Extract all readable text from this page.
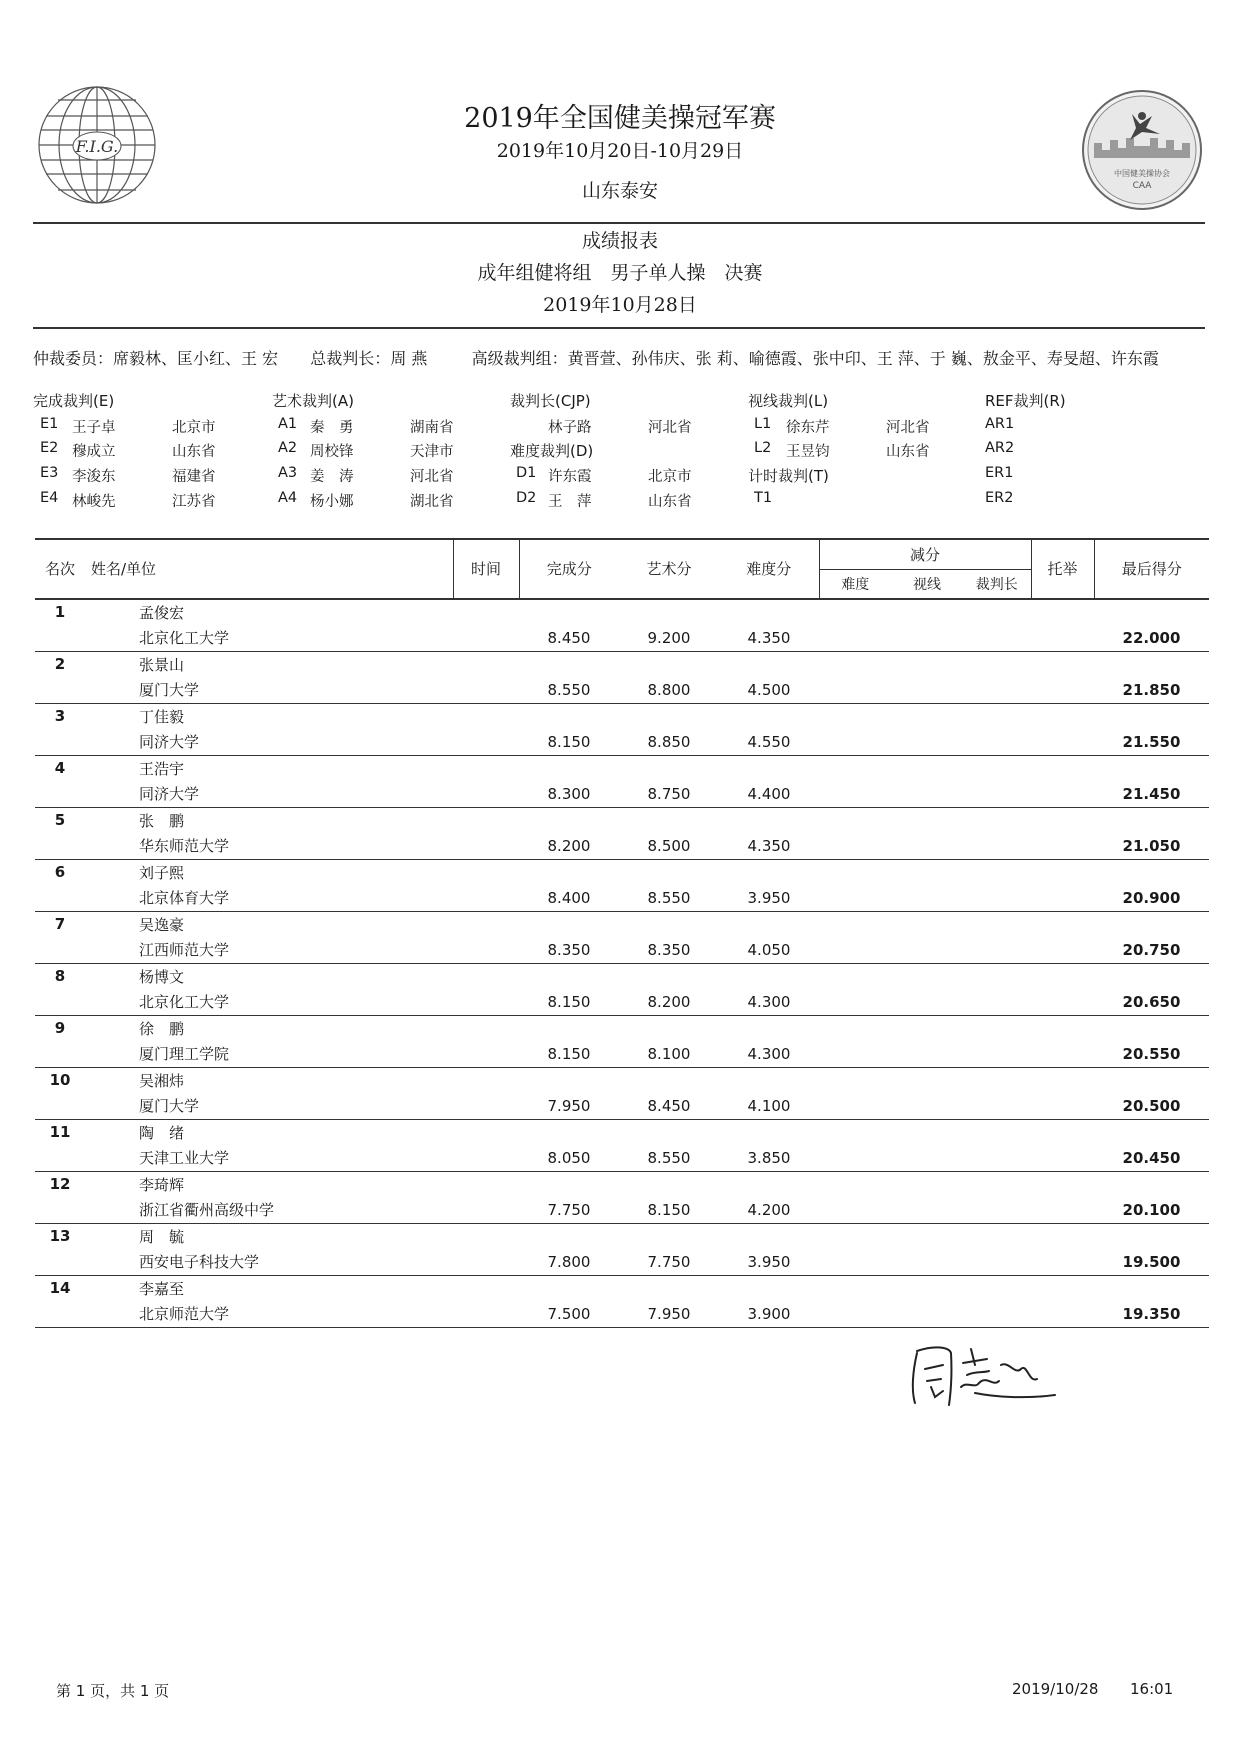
F.I.G.
中国健美操协会
CAA
2019年全国健美操冠军赛
2019年10月20日-10月29日
山东泰安
成绩报表
成年组健将组　男子单人操　决赛
2019年10月28日
仲裁委员：席毅林、匡小红、王 宏 总裁判长：周 燕	高级裁判组：黄晋萱、孙伟庆、张 莉、喻德霞、张中印、王 萍、于 巍、敖金平、寿旻超、许东霞
完成裁判(E)	艺术裁判(A)	裁判长(CJP)	视线裁判(L)	REF裁判(R)
E1 王子卓	北京市
E2 穆成立	山东省
E3 李浚东	福建省
E4 林峻先	江苏省
A1 秦　勇	湖南省
A2 周校锋	天津市
A3 姜　涛	河北省
A4 杨小娜	湖北省
林子路	河北省
难度裁判(D)
D1 许东霞	北京市
D2 王　萍	山东省
L1 徐东芹	河北省
L2 王昱钧	山东省
计时裁判(T)
T1
AR1
AR2
ER1
ER2
名次	姓名/单位	时间	完成分	艺术分	难度分	减分			托举	最后得分
						难度	视线	裁判长		
1	孟俊宏									
	北京化工大学		8.450	9.200	4.350					22.000
2	张景山									
	厦门大学		8.550	8.800	4.500					21.850
3	丁佳毅									
	同济大学		8.150	8.850	4.550					21.550
4	王浩宇									
	同济大学		8.300	8.750	4.400					21.450
5	张　鹏									
	华东师范大学		8.200	8.500	4.350					21.050
6	刘子熙									
	北京体育大学		8.400	8.550	3.950					20.900
7	吴逸豪									
	江西师范大学		8.350	8.350	4.050					20.750
8	杨博文									
	北京化工大学		8.150	8.200	4.300					20.650
9	徐　鹏									
	厦门理工学院		8.150	8.100	4.300					20.550
10	吴湘炜									
	厦门大学		7.950	8.450	4.100					20.500
11	陶　绪									
	天津工业大学		8.050	8.550	3.850					20.450
12	李琦辉									
	浙江省衢州高级中学		7.750	8.150	4.200					20.100
13	周　毓									
	西安电子科技大学		7.800	7.750	3.950					19.500
14	李嘉至									
	北京师范大学		7.500	7.950	3.900					19.350
第 1 页，共 1 页	2019/10/28 16:01
